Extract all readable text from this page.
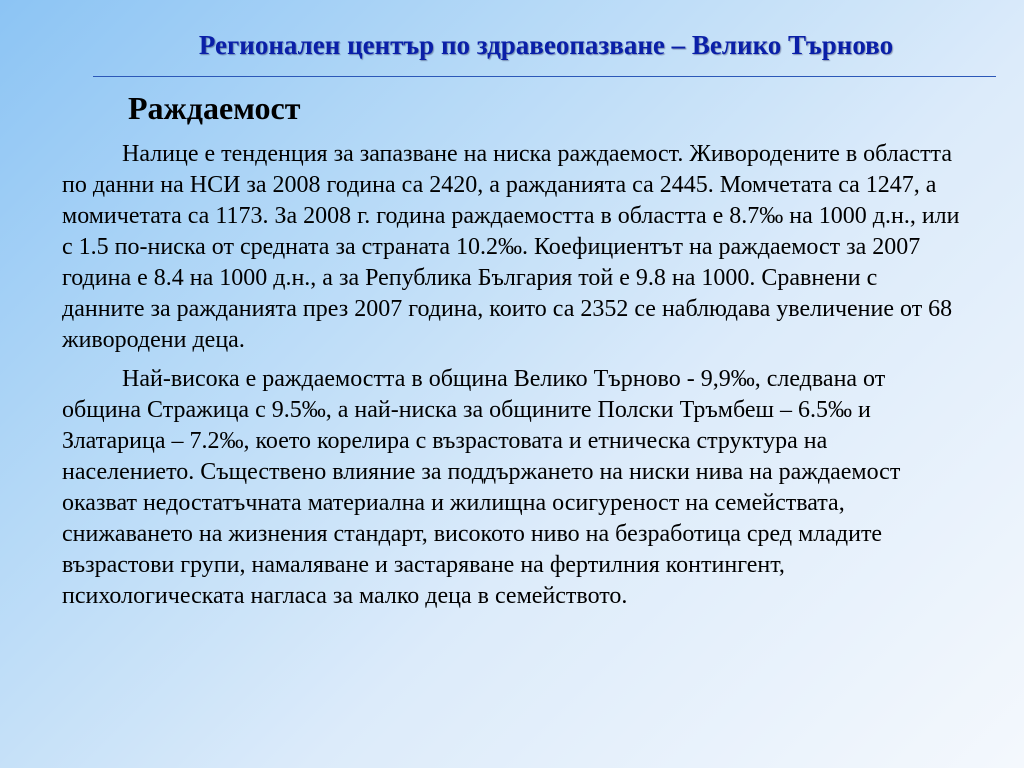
Регионален център по здравеопазване – Велико Търново
Раждаемост

Налице е тенденция за запазване на ниска раждаемост. Живородените в областта по данни на НСИ за 2008 година са 2420, а ражданията са 2445. Момчетата са 1247, а момичетата са 1173. За 2008 г. година раждаемостта в областта е 8.7‰ на 1000 д.н., или с 1.5 по-ниска от средната за страната 10.2‰. Коефициентът на раждаемост за 2007 година е 8.4 на 1000 д.н., а за Република България той е 9.8 на 1000. Сравнени с данните за ражданията през 2007 година, които са 2352 се наблюдава увеличение от 68 живородени деца.

Най-висока е раждаемостта в община Велико Търново - 9,9‰, следвана от община Стражица с 9.5‰, а най-ниска за общините Полски Тръмбеш – 6.5‰ и Златарица – 7.2‰, което корелира с възрастовата и етническа структура на населението. Съществено влияние за поддържането на ниски нива на раждаемост оказват недостатъчната материална и жилищна осигуреност на семействата, снижаването на жизнения стандарт, високото ниво на безработица сред младите възрастови групи, намаляване и застаряване на фертилния контингент, психологическата нагласа за малко деца в семейството.
